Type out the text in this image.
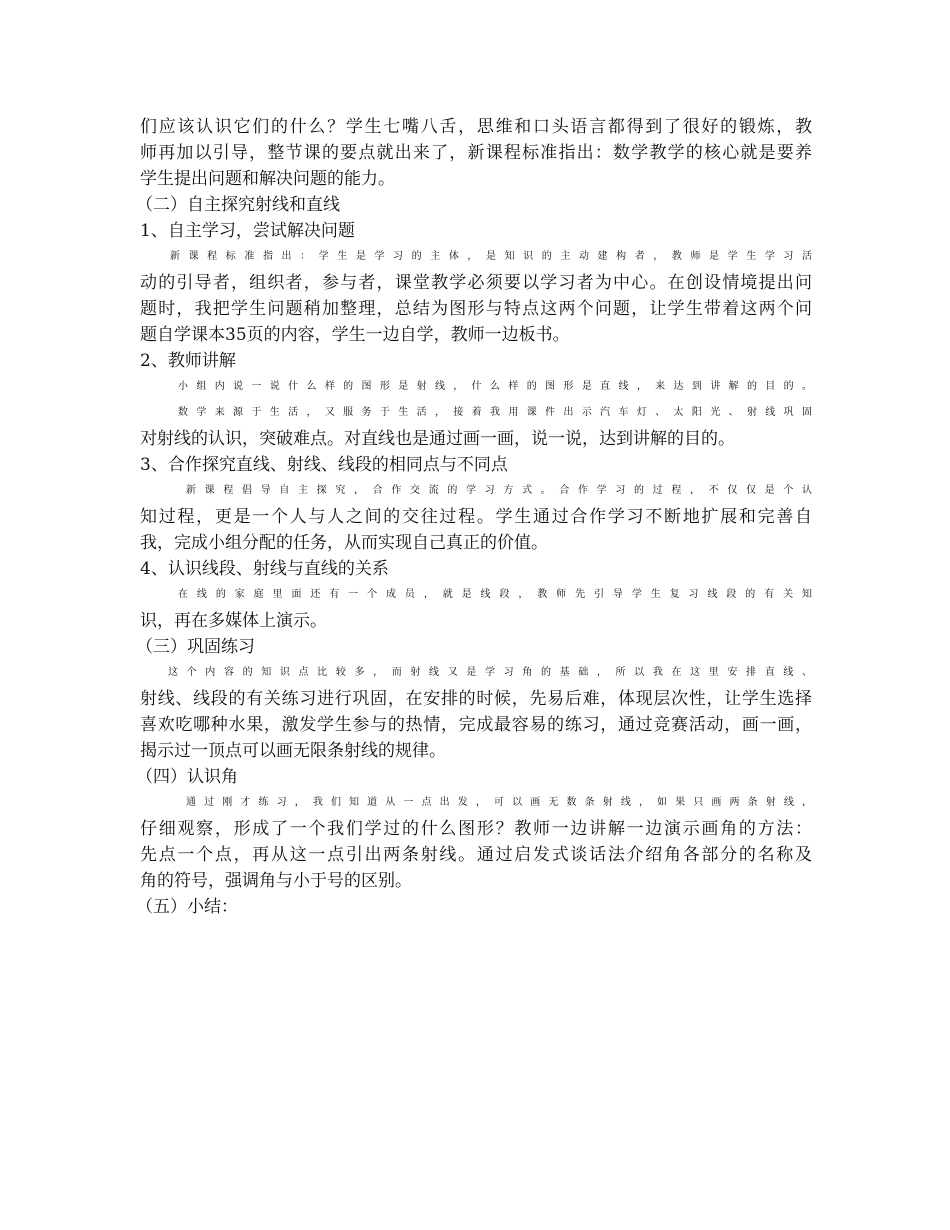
们应该认识它们的什么？学生七嘴八舌，思维和口头语言都得到了很好的锻炼，教
师再加以引导，整节课的要点就出来了，新课程标准指出：数学教学的核心就是要养
学生提出问题和解决问题的能力。
（二）自主探究射线和直线
1、自主学习，尝试解决问题
新课程标准指出：学生是学习的主体，是知识的主动建构者，教师是学生学习活
动的引导者，组织者，参与者，课堂教学必须要以学习者为中心。在创设情境提出问
题时，我把学生问题稍加整理，总结为图形与特点这两个问题，让学生带着这两个问
题自学课本35页的内容，学生一边自学，教师一边板书。
2、教师讲解
小组内说一说什么样的图形是射线，什么样的图形是直线，来达到讲解的目的。
数学来源于生活，又服务于生活，接着我用课件出示汽车灯、太阳光、射线巩固
对射线的认识，突破难点。对直线也是通过画一画，说一说，达到讲解的目的。
3、合作探究直线、射线、线段的相同点与不同点
新课程倡导自主探究，合作交流的学习方式。合作学习的过程，不仅仅是个认
知过程，更是一个人与人之间的交往过程。学生通过合作学习不断地扩展和完善自
我，完成小组分配的任务，从而实现自己真正的价值。
4、认识线段、射线与直线的关系
在线的家庭里面还有一个成员，就是线段，教师先引导学生复习线段的有关知
识，再在多媒体上演示。
（三）巩固练习
这个内容的知识点比较多，而射线又是学习角的基础，所以我在这里安排直线、
射线、线段的有关练习进行巩固，在安排的时候，先易后难，体现层次性，让学生选择
喜欢吃哪种水果，激发学生参与的热情，完成最容易的练习，通过竞赛活动，画一画，
揭示过一顶点可以画无限条射线的规律。
（四）认识角
通过刚才练习，我们知道从一点出发，可以画无数条射线，如果只画两条射线，
仔细观察，形成了一个我们学过的什么图形？教师一边讲解一边演示画角的方法：
先点一个点，再从这一点引出两条射线。通过启发式谈话法介绍角各部分的名称及
角的符号，强调角与小于号的区别。
（五）小结：
